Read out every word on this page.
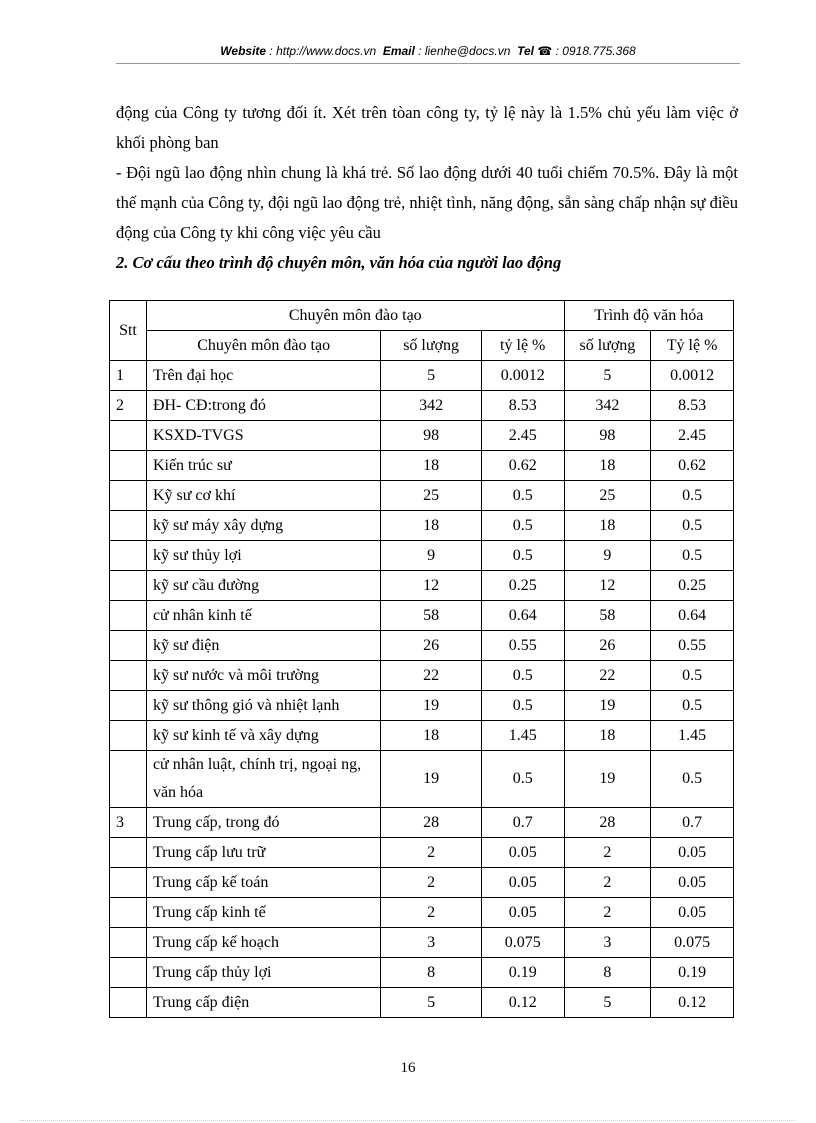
Website : http://www.docs.vn Email : lienhe@docs.vn Tel ☎ : 0918.775.368

động của Công ty tương đối ít. Xét trên tòan công ty, tỷ lệ này là 1.5% chủ yếu làm việc ở khối phòng ban

- Đội ngũ lao động nhìn chung là khá trẻ. Số lao động dưới 40 tuổi chiếm 70.5%. Đây là một thế mạnh của Công ty, đội ngũ lao động trẻ, nhiệt tình, năng động, sẵn sàng chấp nhận sự điều động của Công ty khi công việc yêu cầu

2. Cơ cấu theo trình độ chuyên môn, văn hóa của người lao động

Stt	Chuyên môn đào tạo			Trình độ văn hóa	
	Chuyên môn đào tạo	số lượng	tỷ lệ %	số lượng	Tỷ lệ %
1	Trên đại học	5	0.0012	5	0.0012
2	ĐH- CĐ:trong đó	342	8.53	342	8.53
	KSXD-TVGS	98	2.45	98	2.45
	Kiến trúc sư	18	0.62	18	0.62
	Kỹ sư cơ khí	25	0.5	25	0.5
	kỹ sư máy xây dựng	18	0.5	18	0.5
	kỹ sư thủy lợi	9	0.5	9	0.5
	kỹ sư cầu đường	12	0.25	12	0.25
	cử nhân kinh tế	58	0.64	58	0.64
	kỹ sư điện	26	0.55	26	0.55
	kỹ sư nước và môi trường	22	0.5	22	0.5
	kỹ sư thông gió và nhiệt lạnh	19	0.5	19	0.5
	kỹ sư kinh tế và xây dựng	18	1.45	18	1.45
	cử nhân luật, chính trị, ngoại ng, văn hóa	19	0.5	19	0.5
3	Trung cấp, trong đó	28	0.7	28	0.7
	Trung cấp lưu trữ	2	0.05	2	0.05
	Trung cấp kế toán	2	0.05	2	0.05
	Trung cấp kinh tế	2	0.05	2	0.05
	Trung cấp kế hoạch	3	0.075	3	0.075
	Trung cấp thủy lợi	8	0.19	8	0.19
	Trung cấp điện	5	0.12	5	0.12
16
